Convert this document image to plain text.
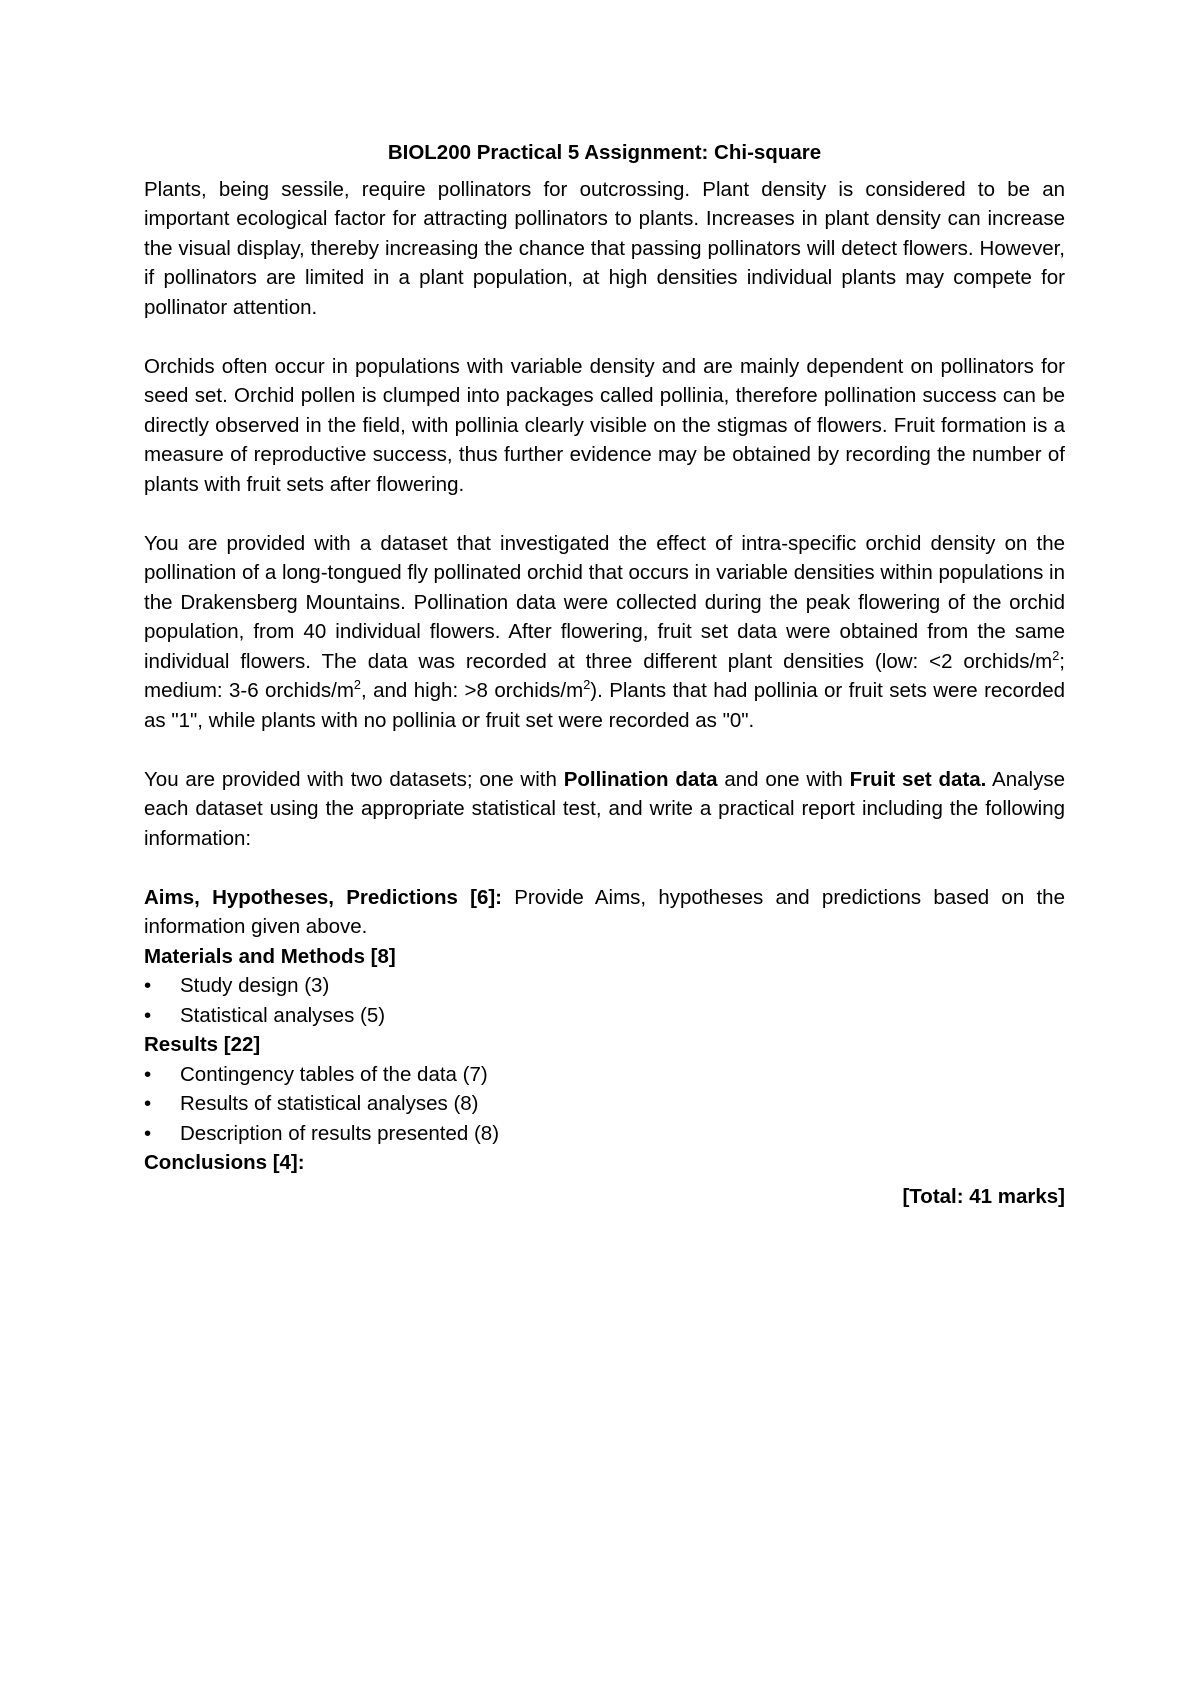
BIOL200 Practical 5 Assignment: Chi-square

Plants, being sessile, require pollinators for outcrossing. Plant density is considered to be an important ecological factor for attracting pollinators to plants. Increases in plant density can increase the visual display, thereby increasing the chance that passing pollinators will detect flowers. However, if pollinators are limited in a plant population, at high densities individual plants may compete for pollinator attention.

Orchids often occur in populations with variable density and are mainly dependent on pollinators for seed set. Orchid pollen is clumped into packages called pollinia, therefore pollination success can be directly observed in the field, with pollinia clearly visible on the stigmas of flowers. Fruit formation is a measure of reproductive success, thus further evidence may be obtained by recording the number of plants with fruit sets after flowering.

You are provided with a dataset that investigated the effect of intra-specific orchid density on the pollination of a long-tongued fly pollinated orchid that occurs in variable densities within populations in the Drakensberg Mountains. Pollination data were collected during the peak flowering of the orchid population, from 40 individual flowers. After flowering, fruit set data were obtained from the same individual flowers. The data was recorded at three different plant densities (low: <2 orchids/$m^2$; medium: 3-6 orchids/$m^2$, and high: >8 orchids/$m^2$). Plants that had pollinia or fruit sets were recorded as "1", while plants with no pollinia or fruit set were recorded as "0".

You are provided with two datasets; one with Pollination data and one with Fruit set data. Analyse each dataset using the appropriate statistical test, and write a practical report including the following information:

Aims, Hypotheses, Predictions [6]: Provide Aims, hypotheses and predictions based on the information given above.

Materials and Methods [8]
• Study design (3)
• Statistical analyses (5)
Results [22]
• Contingency tables of the data (7)
• Results of statistical analyses (8)
• Description of results presented (8)
Conclusions [4]:
[Total: 41 marks]
